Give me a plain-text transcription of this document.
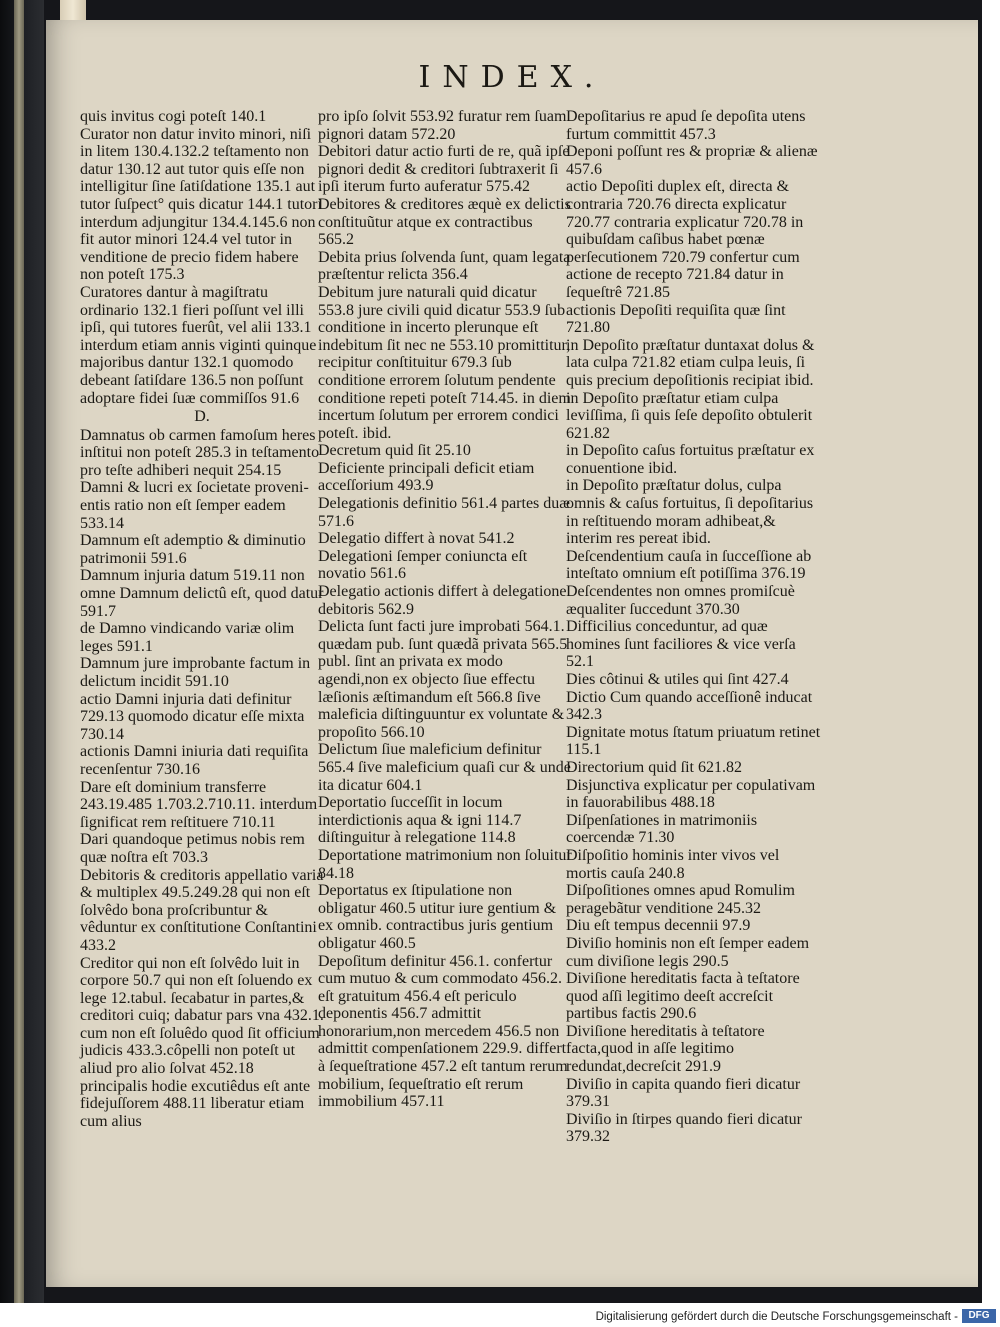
INDEX.

quis invitus cogi poteſt 140.1

Curator non datur invito minori, niſi in litem 130.4.132.2 teſtamento non datur 130.12 aut tutor quis eſſe non intelligitur ſine ſatiſdatione 135.1 aut tutor ſuſpect° quis dicatur 144.1 tutori interdum adjungitur 134.4.145.6 non fit autor minori 124.4 vel tutor in venditione de precio fidem habere non poteſt 175.3

Curatores dantur à magiſtratu ordinario 132.1 fieri poſſunt vel illi ipſi, qui tutores fuerût, vel alii 133.1 interdum etiam annis viginti quinque majoribus dantur 132.1 quomodo debeant ſatiſdare 136.5 non poſſunt adoptare fidei ſuæ commiſſos 91.6

D.

Damnatus ob carmen famoſum heres inſtitui non poteſt 285.3 in teſtamento pro teſte adhiberi nequit 254.15

Damni & lucri ex ſocietate proveni-entis ratio non eſt ſemper eadem 533.14

Damnum eſt ademptio & diminutio patrimonii 591.6

Damnum injuria datum 519.11 non omne Damnum delictû eſt, quod datur 591.7

de Damno vindicando variæ olim leges 591.1

Damnum jure improbante factum in delictum incidit 591.10

actio Damni injuria dati definitur 729.13 quomodo dicatur eſſe mixta 730.14

actionis Damni iniuria dati requiſita recenſentur 730.16

Dare eſt dominium transferre 243.19.485 1.703.2.710.11. interdum ſignificat rem reſtituere 710.11

Dari quandoque petimus nobis rem quæ noſtra eſt 703.3

Debitoris & creditoris appellatio varia & multiplex 49.5.249.28 qui non eſt ſolvêdo bona proſcribuntur & vêduntur ex conſtitutione Conſtantini 433.2

Creditor qui non eſt ſolvêdo luit in corpore 50.7 qui non eſt ſoluendo ex lege 12.tabul. ſecabatur in partes,& creditori cuiq; dabatur pars vna 432.1. cum non eſt ſoluêdo quod ſit officium judicis 433.3.côpelli non poteſt ut aliud pro alio ſolvat 452.18 principalis hodie excutiêdus eſt ante fidejuſſorem 488.11 liberatur etiam cum alius

pro ipſo ſolvit 553.92 furatur rem ſuam pignori datam 572.20

Debitori datur actio furti de re, quã ipſe pignori dedit & creditori ſubtraxerit ſi ipſi iterum furto auferatur 575.42

Debitores & creditores æquè ex delictis conſtituũtur atque ex contractibus 565.2

Debita prius ſolvenda ſunt, quam legata præſtentur relicta 356.4

Debitum jure naturali quid dicatur 553.8 jure civili quid dicatur 553.9 ſub conditione in incerto plerunque eſt indebitum ſit nec ne 553.10 promittitur, recipitur conſtituitur 679.3 ſub conditione errorem ſolutum pendente conditione repeti poteſt 714.45. in diem incertum ſolutum per errorem condici poteſt. ibid.

Decretum quid ſit 25.10

Deficiente principali deficit etiam acceſſorium 493.9

Delegationis definitio 561.4 partes duæ 571.6

Delegatio differt à novat 541.2

Delegationi ſemper coniuncta eſt novatio 561.6

Delegatio actionis differt à delegatione debitoris 562.9

Delicta ſunt facti jure improbati 564.1. quædam pub. ſunt quædã privata 565.5 publ. ſint an privata ex modo agendi,non ex objecto ſiue effectu læſionis æſtimandum eſt 566.8 ſive maleficia diſtinguuntur ex voluntate & propoſito 566.10

Delictum ſiue maleficium definitur 565.4 ſive maleficium quaſi cur & unde ita dicatur 604.1

Deportatio ſucceſſit in locum interdictionis aqua & igni 114.7 diſtinguitur à relegatione 114.8

Deportatione matrimonium non ſoluitur 84.18

Deportatus ex ſtipulatione non obligatur 460.5 utitur iure gentium & ex omnib. contractibus juris gentium obligatur 460.5

Depoſitum definitur 456.1. confertur cum mutuo & cum commodato 456.2. eſt gratuitum 456.4 eſt periculo deponentis 456.7 admittit honorarium,non mercedem 456.5 non admittit compenſationem 229.9. differt à ſequeſtratione 457.2 eſt tantum rerum mobilium, ſequeſtratio eſt rerum immobilium 457.11

Depoſitarius re apud ſe depoſita utens furtum committit 457.3

Deponi poſſunt res & propriæ & alienæ 457.6

actio Depoſiti duplex eſt, directa & contraria 720.76 directa explicatur 720.77 contraria explicatur 720.78 in quibuſdam caſibus habet pœnæ perſecutionem 720.79 confertur cum actione de recepto 721.84 datur in ſequeſtrê 721.85

actionis Depoſiti requiſita quæ ſint 721.80

in Depoſito præſtatur duntaxat dolus & lata culpa 721.82 etiam culpa leuis, ſi quis precium depoſitionis recipiat ibid.

in Depoſito præſtatur etiam culpa leviſſima, ſi quis ſeſe depoſito obtulerit 621.82

in Depoſito caſus fortuitus præſtatur ex conuentione ibid.

in Depoſito præſtatur dolus, culpa omnis & caſus fortuitus, ſi depoſitarius in reſtituendo moram adhibeat,& interim res pereat ibid.

Deſcendentium cauſa in ſucceſſione ab inteſtato omnium eſt potiſſima 376.19

Deſcendentes non omnes promiſcuè æqualiter ſuccedunt 370.30

Difficilius conceduntur, ad quæ homines ſunt faciliores & vice verſa 52.1

Dies côtinui & utiles qui ſint 427.4

Dictio Cum quando acceſſionê inducat 342.3

Dignitate motus ſtatum priuatum retinet 115.1

Directorium quid ſit 621.82

Disjunctiva explicatur per copulativam in fauorabilibus 488.18

Diſpenſationes in matrimoniis coercendæ 71.30

Diſpoſitio hominis inter vivos vel mortis cauſa 240.8

Diſpoſitiones omnes apud Romulim peragebãtur venditione 245.32

Diu eſt tempus decennii 97.9

Diviſio hominis non eſt ſemper eadem cum diviſione legis 290.5

Diviſione hereditatis facta à teſtatore quod aſſi legitimo deeſt accreſcit partibus factis 290.6

Diviſione hereditatis à teſtatore facta,quod in aſſe legitimo redundat,decreſcit 291.9

Diviſio in capita quando fieri dicatur 379.31

Diviſio in ſtirpes quando fieri dicatur 379.32

Digitalisierung gefördert durch die Deutsche Forschungsgemeinschaft -	DFG
